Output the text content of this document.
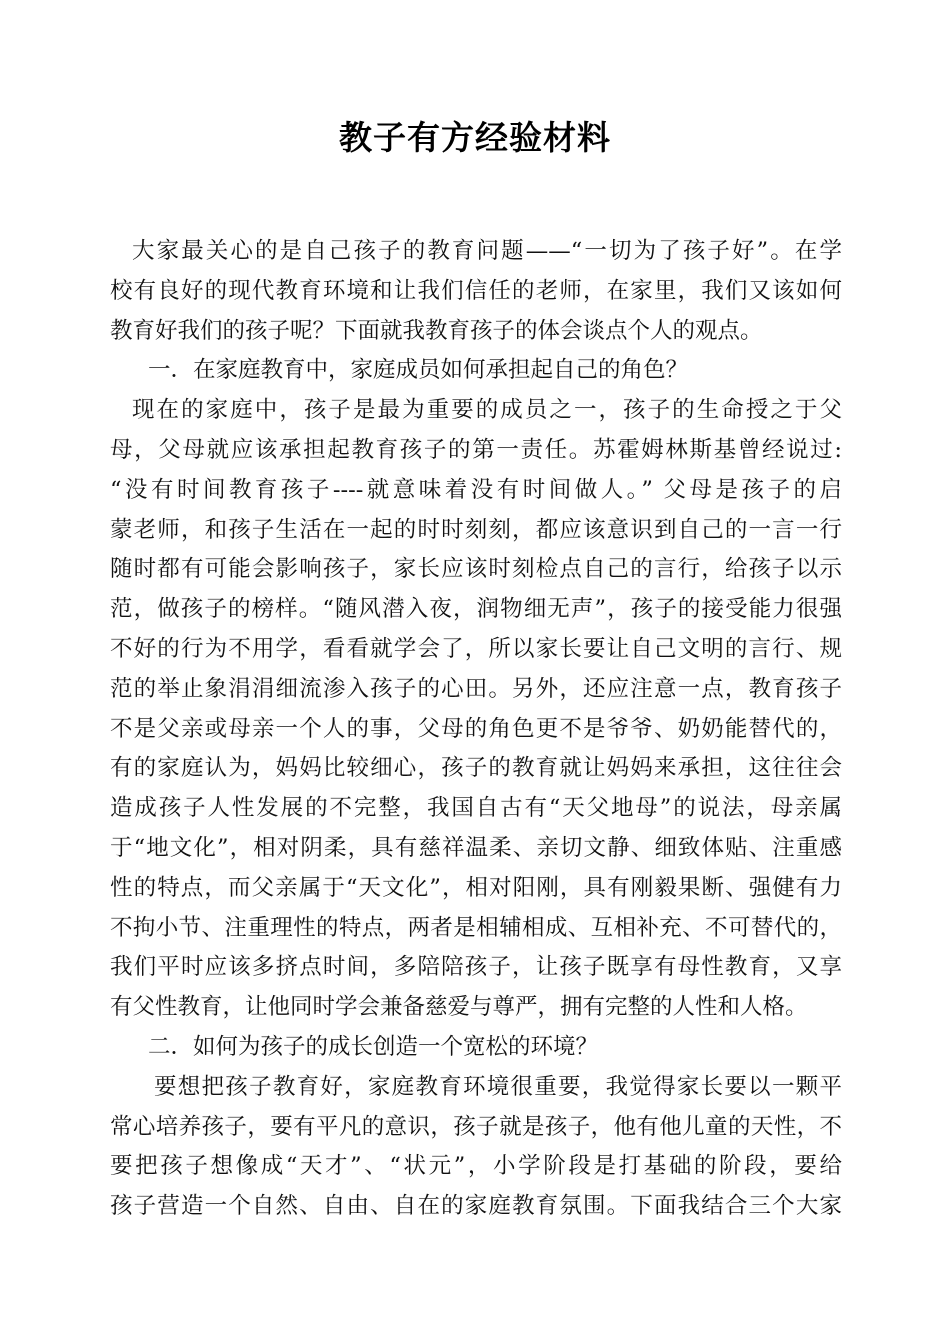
教子有方经验材料
大家最关心的是自己孩子的教育问题——“一切为了孩子好”。在学
校有良好的现代教育环境和让我们信任的老师，在家里，我们又该如何
教育好我们的孩子呢？下面就我教育孩子的体会谈点个人的观点。
一．在家庭教育中，家庭成员如何承担起自己的角色？
现在的家庭中，孩子是最为重要的成员之一，孩子的生命授之于父
母，父母就应该承担起教育孩子的第一责任。苏霍姆林斯基曾经说过:
“没有时间教育孩子----就意味着没有时间做人。” 父母是孩子的启
蒙老师，和孩子生活在一起的时时刻刻，都应该意识到自己的一言一行
随时都有可能会影响孩子，家长应该时刻检点自己的言行，给孩子以示
范，做孩子的榜样。“随风潜入夜，润物细无声”，孩子的接受能力很强
不好的行为不用学，看看就学会了，所以家长要让自己文明的言行、规
范的举止象涓涓细流渗入孩子的心田。另外，还应注意一点，教育孩子
不是父亲或母亲一个人的事，父母的角色更不是爷爷、奶奶能替代的，
有的家庭认为，妈妈比较细心，孩子的教育就让妈妈来承担，这往往会
造成孩子人性发展的不完整，我国自古有“天父地母”的说法，母亲属
于“地文化”，相对阴柔，具有慈祥温柔、亲切文静、细致体贴、注重感
性的特点，而父亲属于“天文化”，相对阳刚，具有刚毅果断、强健有力
不拘小节、注重理性的特点，两者是相辅相成、互相补充、不可替代的，
我们平时应该多挤点时间，多陪陪孩子，让孩子既享有母性教育，又享
有父性教育，让他同时学会兼备慈爱与尊严，拥有完整的人性和人格。
二．如何为孩子的成长创造一个宽松的环境？
要想把孩子教育好，家庭教育环境很重要，我觉得家长要以一颗平
常心培养孩子，要有平凡的意识，孩子就是孩子，他有他儿童的天性，不
要把孩子想像成“天才”、“状元”，小学阶段是打基础的阶段，要给
孩子营造一个自然、自由、自在的家庭教育氛围。下面我结合三个大家
